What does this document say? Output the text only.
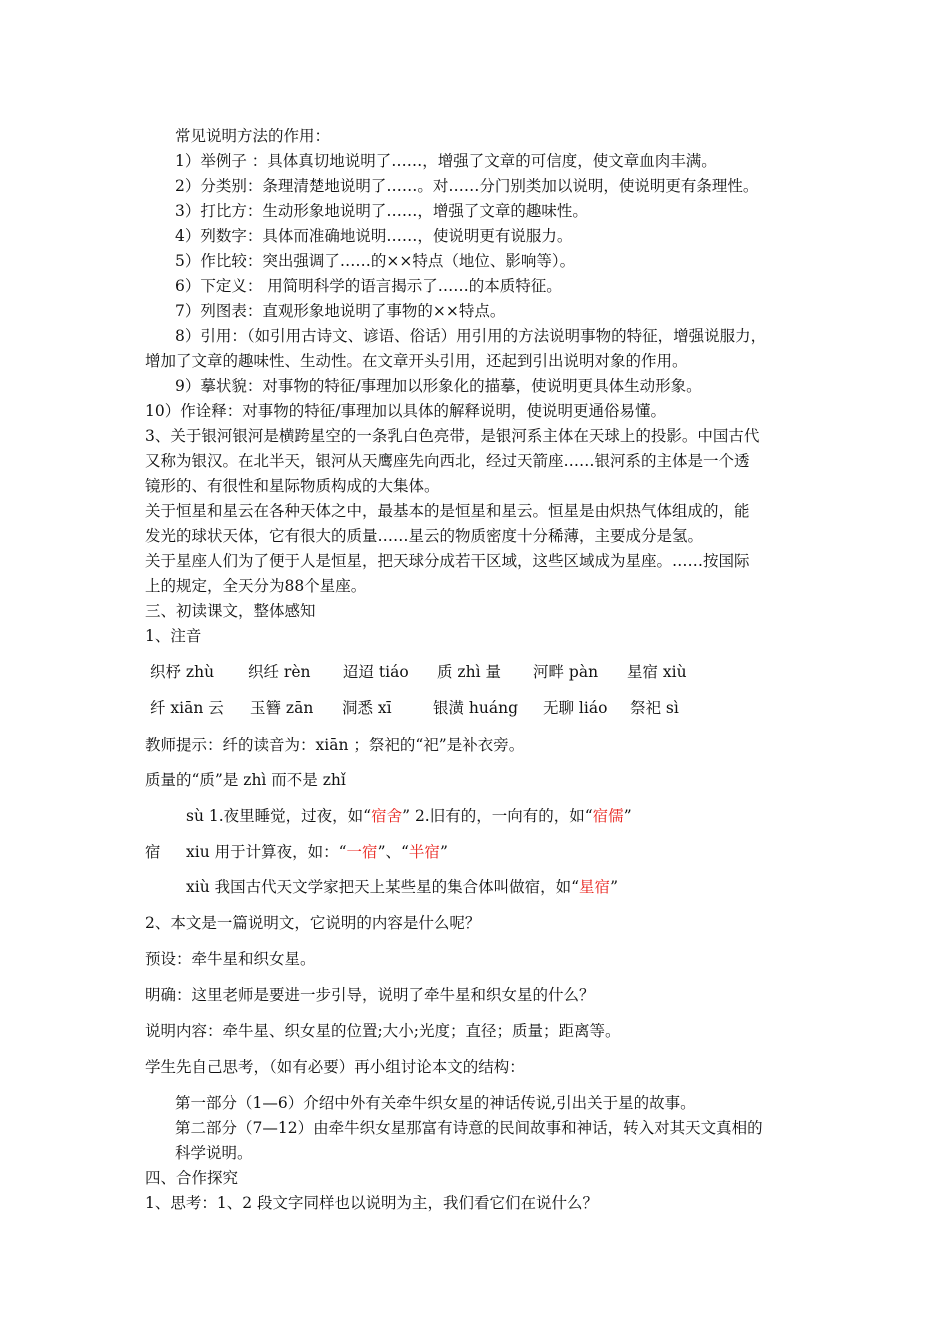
常见说明方法的作用：

1）举例子 ：具体真切地说明了……，增强了文章的可信度，使文章血肉丰满。

2）分类别：条理清楚地说明了……。对……分门别类加以说明，使说明更有条理性。

3）打比方：生动形象地说明了……，增强了文章的趣味性。

4）列数字：具体而准确地说明……，使说明更有说服力。

5）作比较：突出强调了……的××特点（地位、影响等）。

6）下定义： 用简明科学的语言揭示了……的本质特征。

7）列图表：直观形象地说明了事物的××特点。

8）引用：（如引用古诗文、谚语、俗话）用引用的方法说明事物的特征，增强说服力，

增加了文章的趣味性、生动性。在文章开头引用，还起到引出说明对象的作用。

9）摹状貌：对事物的特征/事理加以形象化的描摹，使说明更具体生动形象。

10）作诠释：对事物的特征/事理加以具体的解释说明，使说明更通俗易懂。

3、关于银河银河是横跨星空的一条乳白色亮带，是银河系主体在天球上的投影。中国古代

又称为银汉。在北半天，银河从天鹰座先向西北，经过天箭座……银河系的主体是一个透

镜形的、有很性和星际物质构成的大集体。

关于恒星和星云在各种天体之中，最基本的是恒星和星云。恒星是由炽热气体组成的，能

发光的球状天体，它有很大的质量……星云的物质密度十分稀薄，主要成分是氢。

关于星座人们为了便于人是恒星，把天球分成若干区域，这些区域成为星座。……按国际

上的规定，全天分为88个星座。

三、初读课文，整体感知

1、注音

织杼 zhù 织纴 rèn 迢迢 tiáo 质 zhì 量 河畔 pàn 星宿 xiù
纤 xiān 云 玉簪 zān 洞悉 xī	银潢 huáng 无聊 liáo 祭祀 sì

教师提示：纤的读音为：xiān ；祭祀的“祀”是补衣旁。

质量的“质”是 zhì 而不是 zhǐ

sù 1.夜里睡觉，过夜，如“宿舍” 2.旧有的，一向有的，如“宿儒”

宿 xiu 用于计算夜，如：“一宿”、“半宿”

xiù 我国古代天文学家把天上某些星的集合体叫做宿，如“星宿”

2、本文是一篇说明文，它说明的内容是什么呢？

预设：牵牛星和织女星。

明确：这里老师是要进一步引导，说明了牵牛星和织女星的什么？

说明内容：牵牛星、织女星的位置;大小;光度；直径；质量；距离等。

学生先自己思考，（如有必要）再小组讨论本文的结构：

第一部分（1—6）介绍中外有关牵牛织女星的神话传说,引出关于星的故事。

第二部分（7—12）由牵牛织女星那富有诗意的民间故事和神话，转入对其天文真相的

科学说明。

四、合作探究

1、思考：1、2 段文字同样也以说明为主，我们看它们在说什么？
